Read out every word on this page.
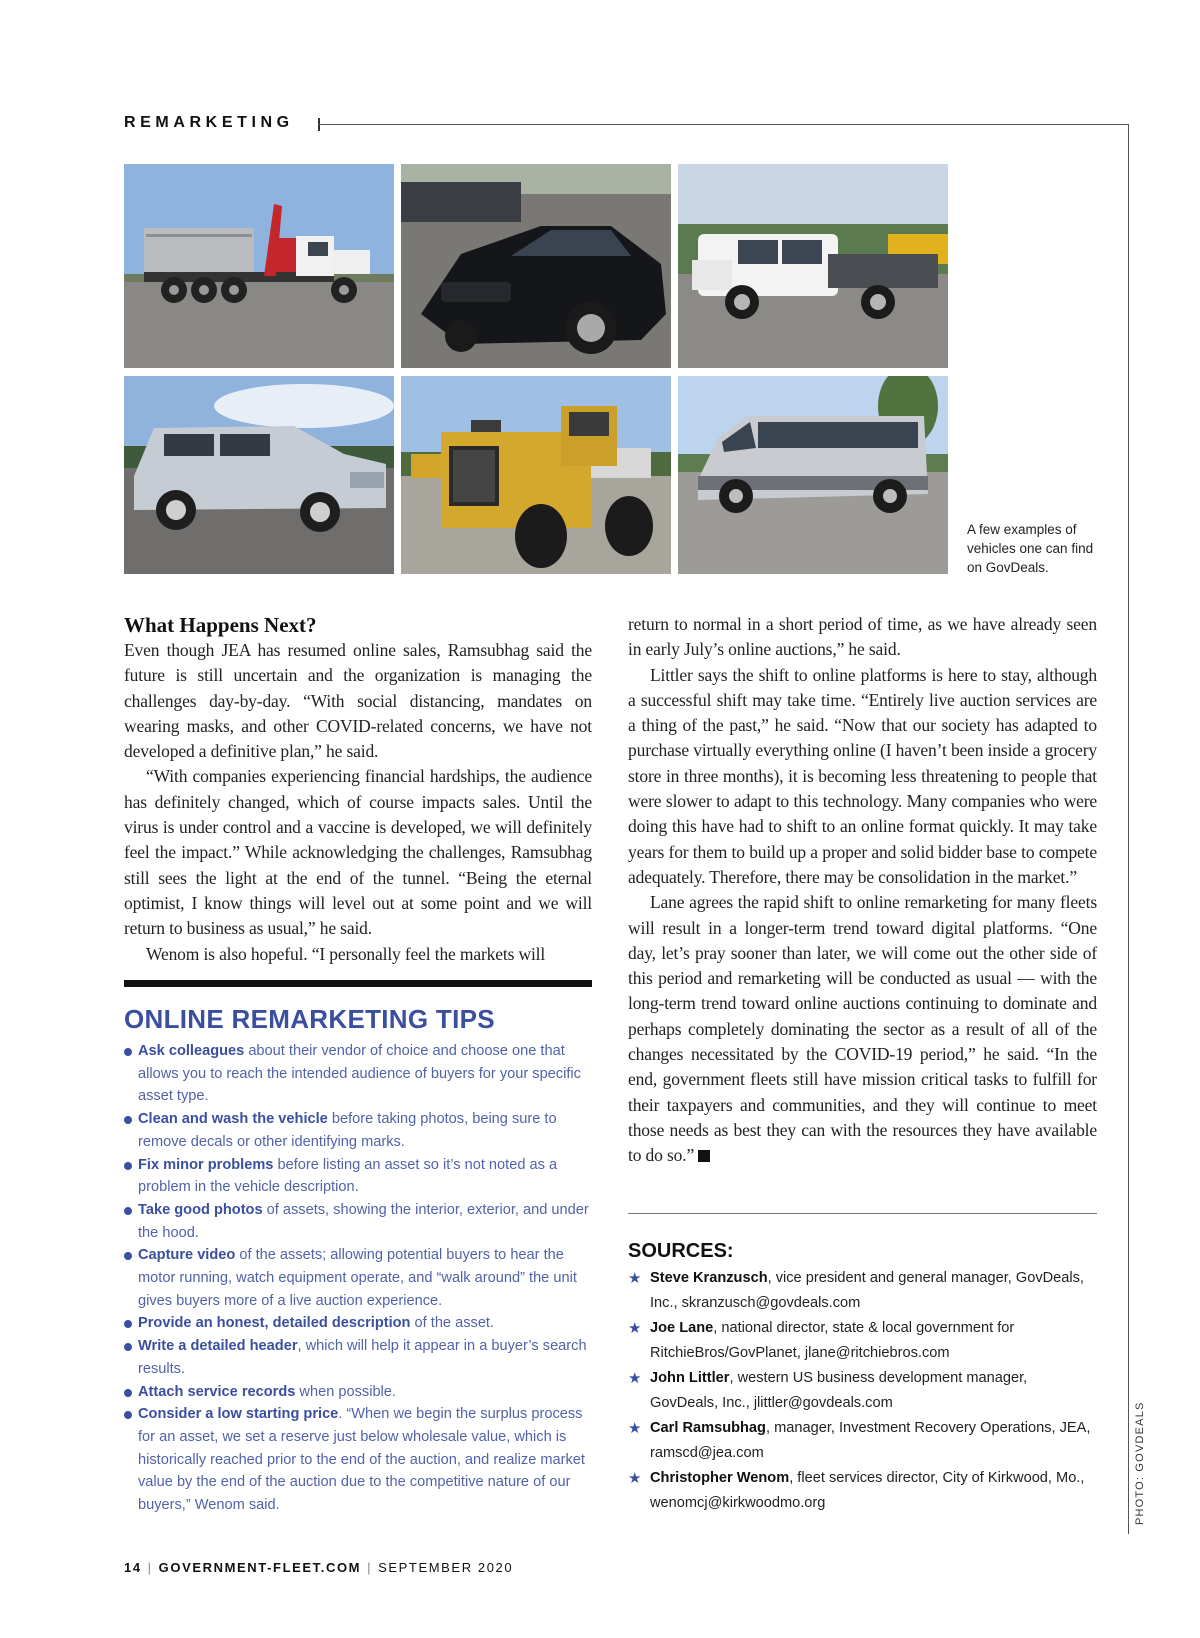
REMARKETING
A few examples of vehicles one can find on GovDeals.
What Happens Next?

Even though JEA has resumed online sales, Ramsubhag said the future is still uncertain and the organization is managing the challenges day-by-day. “With social distancing, mandates on wearing masks, and other COVID-related concerns, we have not developed a definitive plan,” he said.

“With companies experiencing financial hardships, the audience has definitely changed, which of course impacts sales. Until the virus is under control and a vaccine is developed, we will definitely feel the impact.” While acknowledging the challenges, Ramsubhag still sees the light at the end of the tunnel. “Being the eternal optimist, I know things will level out at some point and we will return to business as usual,” he said.

Wenom is also hopeful. “I personally feel the markets will

return to normal in a short period of time, as we have already seen in early July’s online auctions,” he said.

Littler says the shift to online platforms is here to stay, although a successful shift may take time. “Entirely live auction services are a thing of the past,” he said. “Now that our society has adapted to purchase virtually everything online (I haven’t been inside a grocery store in three months), it is becoming less threatening to people that were slower to adapt to this technology. Many companies who were doing this have had to shift to an online format quickly. It may take years for them to build up a proper and solid bidder base to compete adequately. Therefore, there may be consolidation in the market.”

Lane agrees the rapid shift to online remarketing for many fleets will result in a longer-term trend toward digital platforms. “One day, let’s pray sooner than later, we will come out the other side of this period and remarketing will be conducted as usual — with the long-term trend toward online auctions continuing to dominate and perhaps completely dominating the sector as a result of all of the changes necessitated by the COVID-19 period,” he said. “In the end, government fleets still have mission critical tasks to fulfill for their taxpayers and communities, and they will continue to meet those needs as best they can with the resources they have available to do so.”

ONLINE REMARKETING TIPS
Ask colleagues about their vendor of choice and choose one that allows you to reach the intended audience of buyers for your specific asset type.
Clean and wash the vehicle before taking photos, being sure to remove decals or other identifying marks.
Fix minor problems before listing an asset so it’s not noted as a problem in the vehicle description.
Take good photos of assets, showing the interior, exterior, and under the hood.
Capture video of the assets; allowing potential buyers to hear the motor running, watch equipment operate, and “walk around” the unit gives buyers more of a live auction experience.
Provide an honest, detailed description of the asset.
Write a detailed header, which will help it appear in a buyer’s search results.
Attach service records when possible.
Consider a low starting price. “When we begin the surplus process for an asset, we set a reserve just below wholesale value, which is historically reached prior to the end of the auction, and realize market value by the end of the auction due to the competitive nature of our buyers,” Wenom said.
SOURCES:
★ Steve Kranzusch, vice president and general manager, GovDeals, Inc., skranzusch@govdeals.com
★ Joe Lane, national director, state & local government for RitchieBros/GovPlanet, jlane@ritchiebros.com
★ John Littler, western US business development manager, GovDeals, Inc., jlittler@govdeals.com
★ Carl Ramsubhag, manager, Investment Recovery Operations, JEA, ramscd@jea.com
★ Christopher Wenom, fleet services director, City of Kirkwood, Mo., wenomcj@kirkwoodmo.org	PHOTO: GOVDEALS
14 | GOVERNMENT-FLEET.COM | SEPTEMBER 2020
